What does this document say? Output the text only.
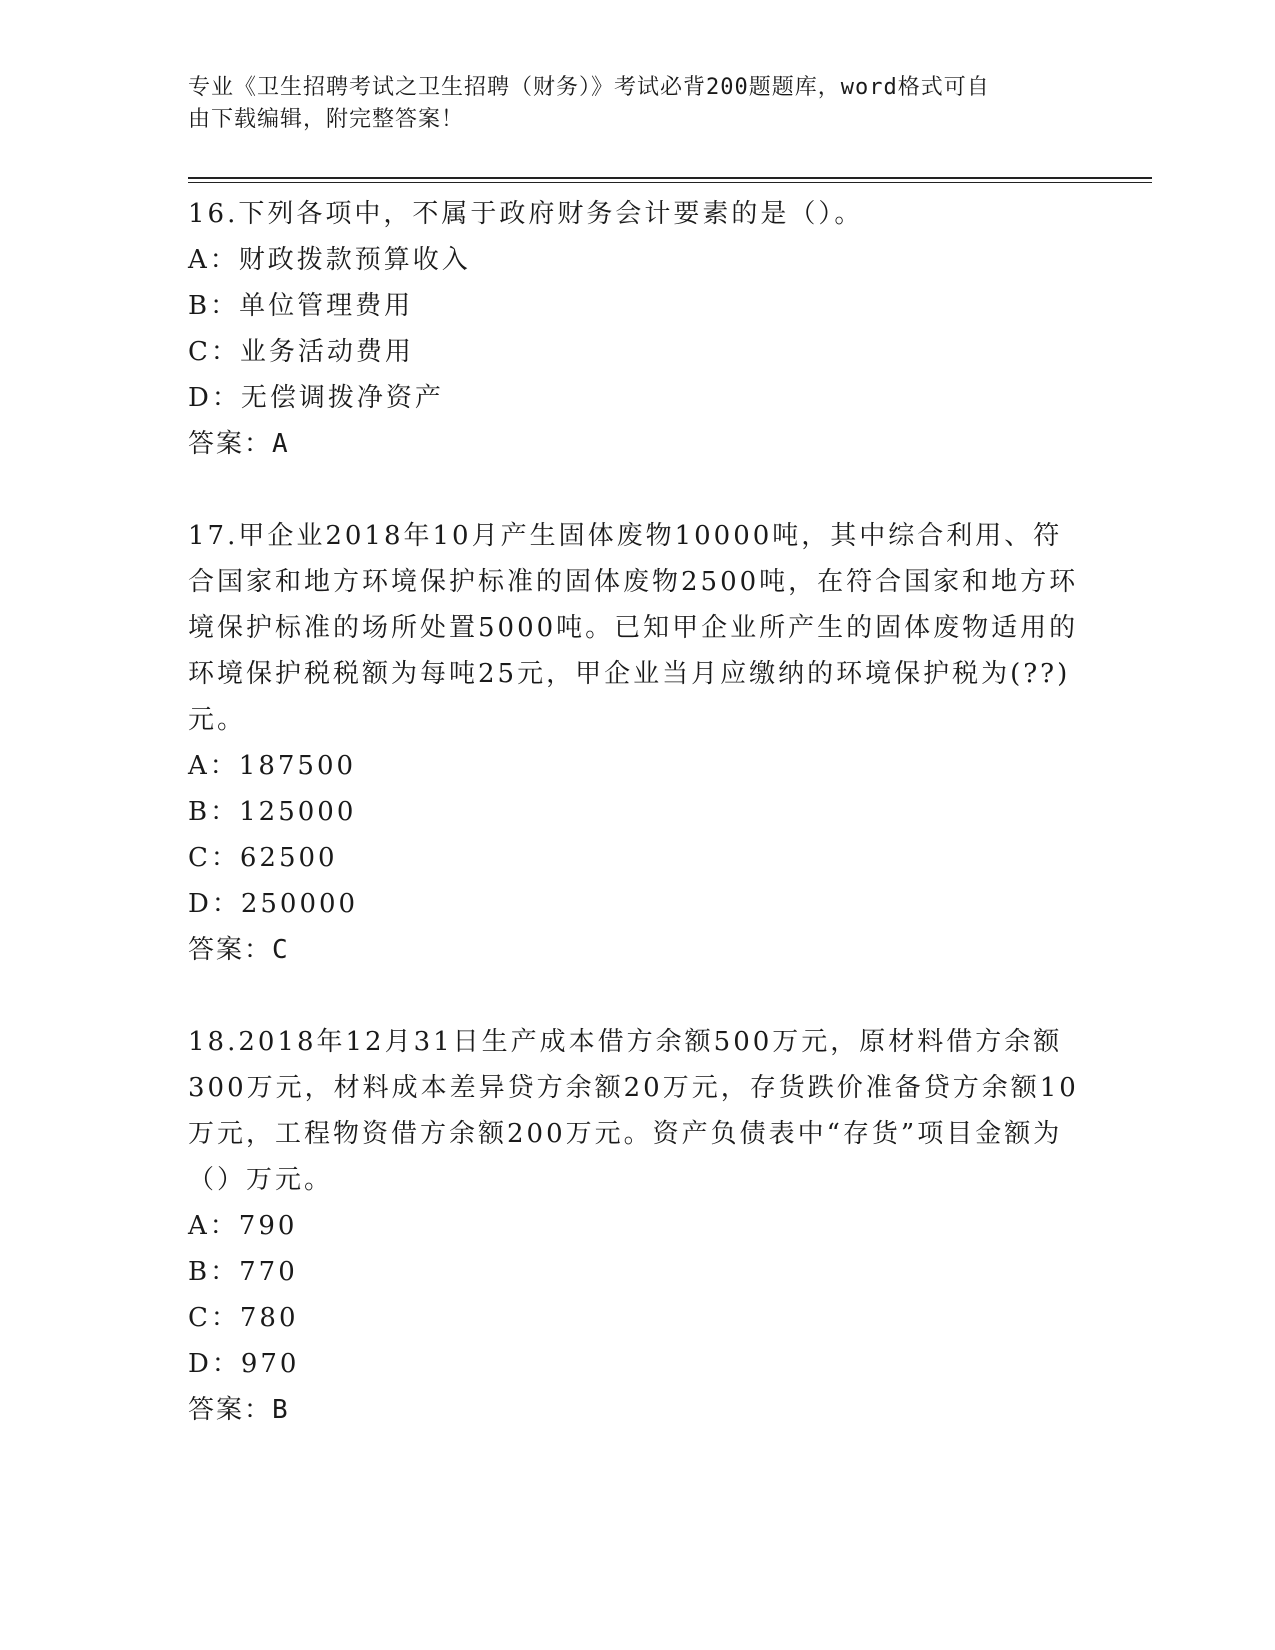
专业《卫生招聘考试之卫生招聘（财务）》考试必背200题题库，word格式可自
由下载编辑，附完整答案！

16.下列各项中，不属于政府财务会计要素的是（）。

A：财政拨款预算收入

B：单位管理费用

C：业务活动费用

D：无偿调拨净资产

答案：A

17.甲企业2018年10月产生固体废物10000吨，其中综合利用、符合国家和地方环境保护标准的固体废物2500吨，在符合国家和地方环境保护标准的场所处置5000吨。已知甲企业所产生的固体废物适用的环境保护税税额为每吨25元，甲企业当月应缴纳的环境保护税为(??)元。

A：187500

B：125000

C：62500

D：250000

答案：C

18.2018年12月31日生产成本借方余额500万元，原材料借方余额300万元，材料成本差异贷方余额20万元，存货跌价准备贷方余额10万元，工程物资借方余额200万元。资产负债表中“存货”项目金额为（）万元。

A：790

B：770

C：780

D：970

答案：B
